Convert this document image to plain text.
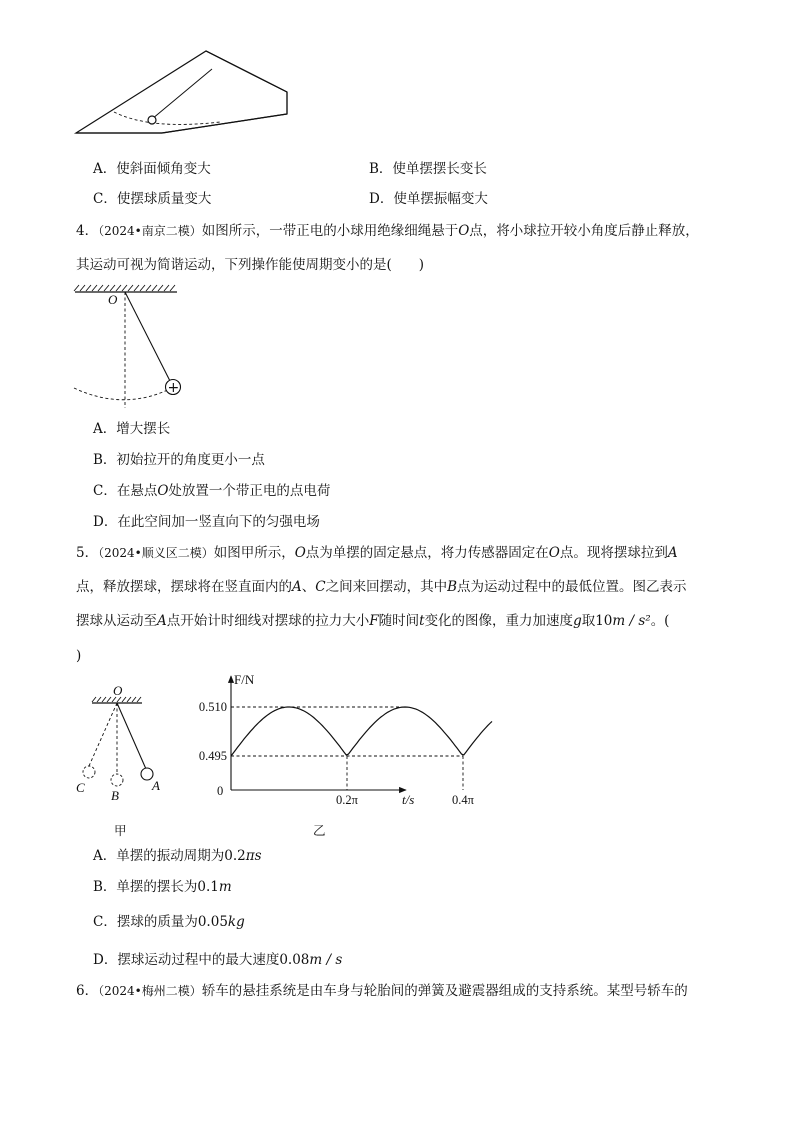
A．使斜面倾角变大	B．使单摆摆长变长
C．使摆球质量变大	D．使单摆振幅变大
4．（2024•南京二模）如图所示，一带正电的小球用绝缘细绳悬于O点，将小球拉开较小角度后静止释放，
其运动可视为简谐运动，下列操作能使周期变小的是(　　)
O
+
A．增大摆长
B．初始拉开的角度更小一点
C．在悬点O处放置一个带正电的点电荷
D．在此空间加一竖直向下的匀强电场
5．（2024•顺义区二模）如图甲所示，O点为单摆的固定悬点，将力传感器固定在O点。现将摆球拉到A
点，释放摆球，摆球将在竖直面内的A、C之间来回摆动，其中B点为运动过程中的最低位置。图乙表示
摆球从运动至A点开始计时细线对摆球的拉力大小F随时间t变化的图像，重力加速度g取10m / s²。(
)
O
C
B
A
甲
F/N
t/s
0
0.510
0.495
0.2π	0.4π
乙
A．单摆的振动周期为0.2πs
B．单摆的摆长为0.1m
C．摆球的质量为0.05kg
D．摆球运动过程中的最大速度0.08m / s
6．（2024•梅州二模）轿车的悬挂系统是由车身与轮胎间的弹簧及避震器组成的支持系统。某型号轿车的
